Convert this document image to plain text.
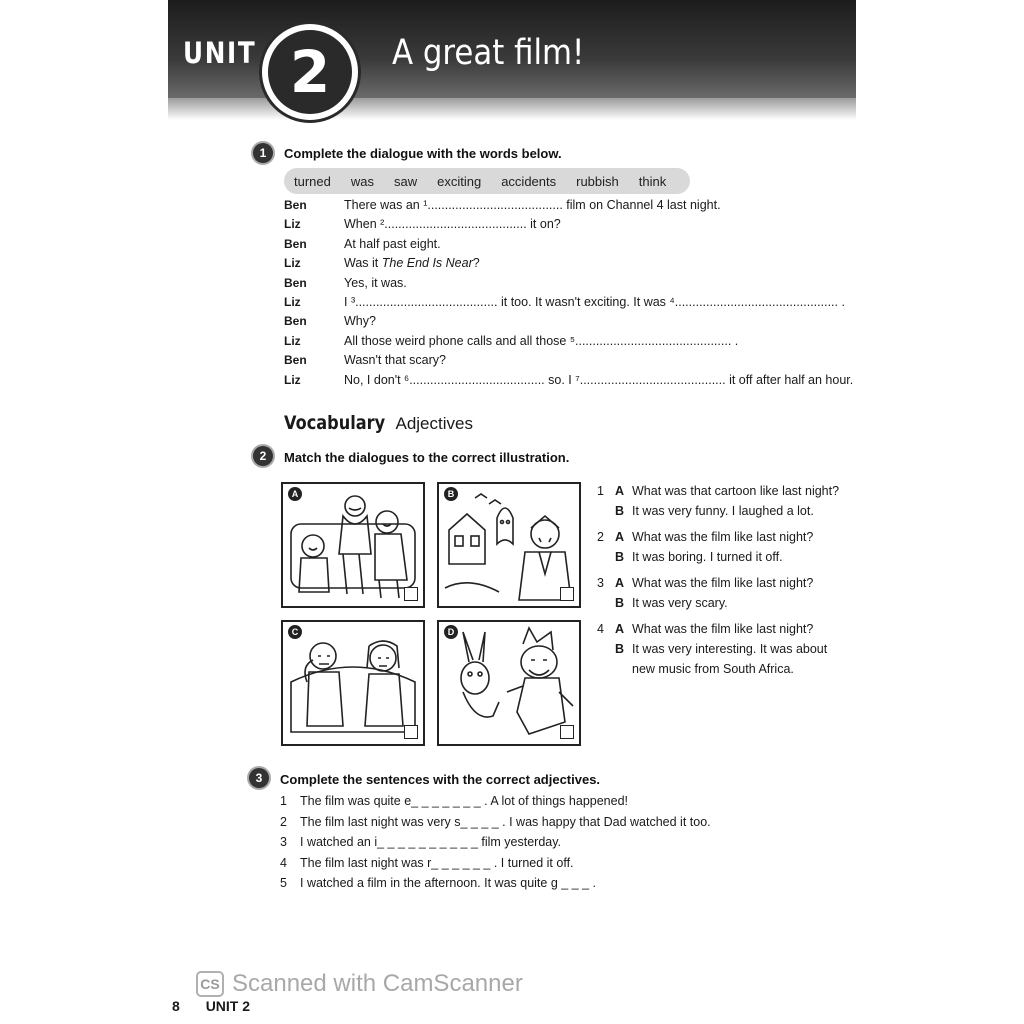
UNIT 2 A great film!
1	Complete the dialogue with the words below.
turned was saw exciting accidents rubbish think
Ben	There was an ¹....................................... film on Channel 4 last night.
Liz	When ²......................................... it on?
Ben	At half past eight.
Liz	Was it The End Is Near?
Ben	Yes, it was.
Liz	I ³......................................... it too. It wasn't exciting. It was ⁴............................................... .
Ben	Why?
Liz	All those weird phone calls and all those ⁵............................................. .
Ben	Wasn't that scary?
Liz	No, I don't ⁶....................................... so. I ⁷.......................................... it off after half an hour.
Vocabulary Adjectives
2	Match the dialogues to the correct illustration.
A	B
C	D
1 A What was that cartoon like last night?
B It was very funny. I laughed a lot.
2 A What was the film like last night?
B It was boring. I turned it off.
3 A What was the film like last night?
B It was very scary.
4 A What was the film like last night?
B It was very interesting. It was about
new music from South Africa.
3	Complete the sentences with the correct adjectives.
1 The film was quite e_ _ _ _ _ _ _ . A lot of things happened!
2 The film last night was very s_ _ _ _ . I was happy that Dad watched it too.
3 I watched an i_ _ _ _ _ _ _ _ _ _ film yesterday.
4 The film last night was r_ _ _ _ _ _ . I turned it off.
5 I watched a film in the afternoon. It was quite g _ _ _ .
CS Scanned with CamScanner
8 UNIT 2
